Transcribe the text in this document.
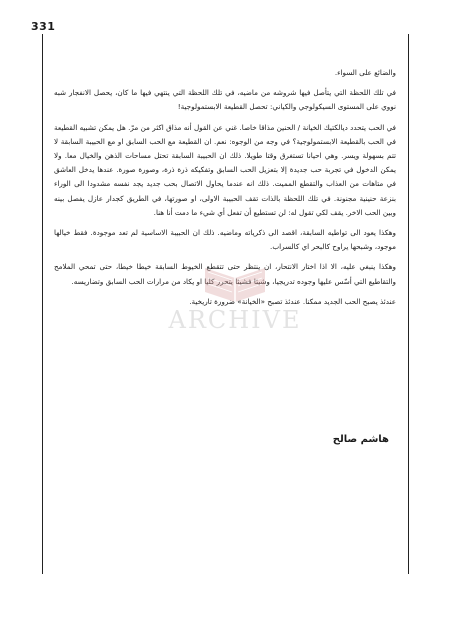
331

والضائع على السواء.

في تلك اللحظة التي يتأصل فيها شروشه من ماضيه، في تلك اللحظة التي ينتهي فيها ما كان، يحصل الانفجار شبه نووي على المستوى السيكولوجي والكياني: تحصل القطيعة الابستمولوجية!

في الحب يتحدد ديالكتيك الخيانة / الحنين مذاقا خاصا. غني عن القول أنه مذاق اكثر من مرّ. هل يمكن تشبيه القطيعة في الحب بالقطيعة الابستمولوجية؟ في وجه من الوجوه: نعم. ان القطيعة مع الحب السابق او مع الحبيبة السابقة لا تتم بسهولة ويسر. وهي احيانا تستغرق وقتا طويلا. ذلك ان الحبيبة السابقة تحتل مساحات الذهن والخيال معا. ولا يمكن الدخول في تجربة حب جديدة إلا بتعزيل الحب السابق وتفكيكه ذرة ذرة، وصورة صورة. عندها يدخل العاشق في متاهات من العذاب والتقطع المميت. ذلك انه عندما يحاول الاتصال بحب جديد يجد نفسه مشدودا الى الوراء بنزعة حنينية مجنونة. في تلك اللحظة بالذات تقف الحبيبة الاولى، او صورتها، في الطريق كجدار عازل يفصل بينه وبين الحب الاخر. يقف لكي تقول له: لن تستطيع أن تفعل أي شيء ما دمت أنا هنا.

وهكذا يعود الى تواطيه السابقة، اقصد الى ذكرياته وماضيه. ذلك ان الحبيبة الاساسية لم تعد موجودة. فقط خيالها موجود، وشبحها يراوح كالبحر اي كالسراب.

وهكذا ينبغي عليه، الا اذا اختار الانتحار، ان ينتظر حتى تتقطع الخيوط السابقة خيطا خيطا، حتى تمحي الملامح والتقاطيع التي أسّس عليها وجوده تدريجيا، وشيئا فشيئا يتحرر كليا او يكاد من مرارات الحب السابق وتضاريسه.

عندئذ يصبح الحب الجديد ممكنا. عندئذ تصبح «الخيانة» ضرورة تاريخية.

هاشم صالح
ARCHIVE
